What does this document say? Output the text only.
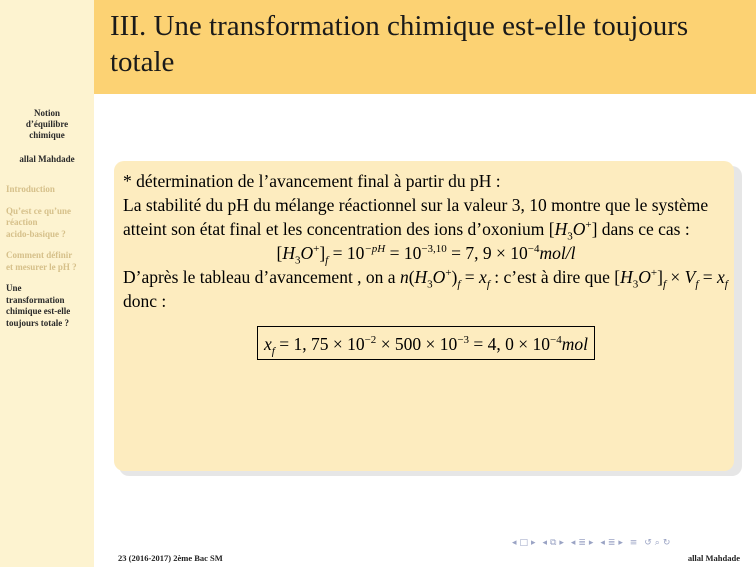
Notion
d’équilibre
chimique
allal Mahdade
Introduction
Qu’est ce qu’une
réaction
acido-basique ?
Comment définir
et mesurer le pH ?
Une
transformation
chimique est-elle
toujours totale ?
III. Une transformation chimique est-elle toujours totale

* détermination de l’avancement final à partir du pH :

La stabilité du pH du mélange réactionnel sur la valeur 3, 10 montre que le système atteint son état final et les concentration des ions d’oxonium $[H_3O^+]$ dans ce cas :

$[H_3O^+]_f = 10^{-pH} = 10^{-3,10} = 7$, $9 \times 10^{-4}mol/l$

D’après le tableau d’avancement , on a $n(H_3O^+)_f = x_f$ : c’est à dire que $[H_3O^+]_f \times V_f = x_f$

donc :

$x_f = 1$, $75 \times 10^{-2} \times 500 \times 10^{-3} = 4$, $0 \times 10^{-4}mol$
◂ □ ▸ ◂ ⧉ ▸ ◂ ≣ ▸ ◂ ≣ ▸ ≡ ↺ ⌕ ↻
23 (2016-2017) 2ème Bac SM	allal Mahdade
